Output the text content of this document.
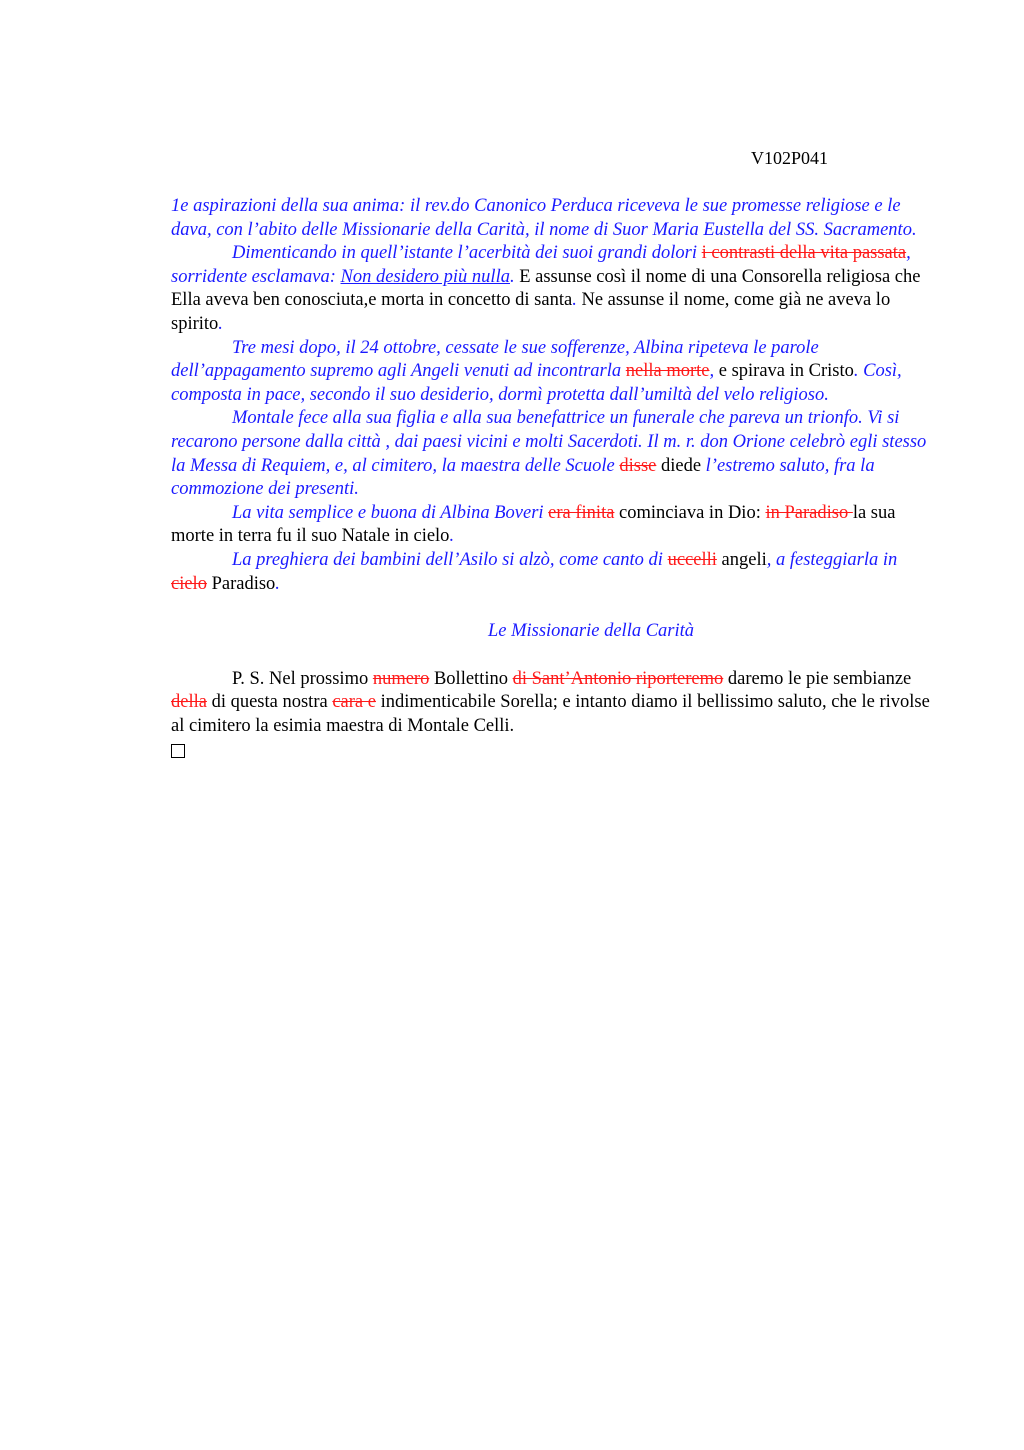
V102P041

1e aspirazioni della sua anima: il rev.do Canonico Perduca riceveva le sue promesse religiose e le dava, con l’abito delle Missionarie della Carità, il nome di Suor Maria Eustella del SS. Sacramento.

Dimenticando in quell’istante l’acerbità dei suoi grandi dolori i contrasti della vita passata, sorridente esclamava: Non desidero più nulla. E assunse così il nome di una Consorella religiosa che Ella aveva ben conosciuta,e morta in concetto di santa. Ne assunse il nome, come già ne aveva lo spirito.

Tre mesi dopo, il 24 ottobre, cessate le sue sofferenze, Albina ripeteva le parole dell’appagamento supremo agli Angeli venuti ad incontrarla nella morte, e spirava in Cristo. Così, composta in pace, secondo il suo desiderio, dormì protetta dall’umiltà del velo religioso.

Montale fece alla sua figlia e alla sua benefattrice un funerale che pareva un trionfo. Vi si recarono persone dalla città , dai paesi vicini e molti Sacerdoti. Il m. r. don Orione celebrò egli stesso la Messa di Requiem, e, al cimitero, la maestra delle Scuole disse diede l’estremo saluto, fra la commozione dei presenti.

La vita semplice e buona di Albina Boveri era finita cominciava in Dio: in Paradiso la sua morte in terra fu il suo Natale in cielo.

La preghiera dei bambini dell’Asilo si alzò, come canto di uccelli angeli, a festeggiarla in cielo Paradiso.

Le Missionarie della Carità

P. S. Nel prossimo numero Bollettino di Sant’Antonio riporteremo daremo le pie sembianze della di questa nostra cara e indimenticabile Sorella; e intanto diamo il bellissimo saluto, che le rivolse al cimitero la esimia maestra di Montale Celli.
